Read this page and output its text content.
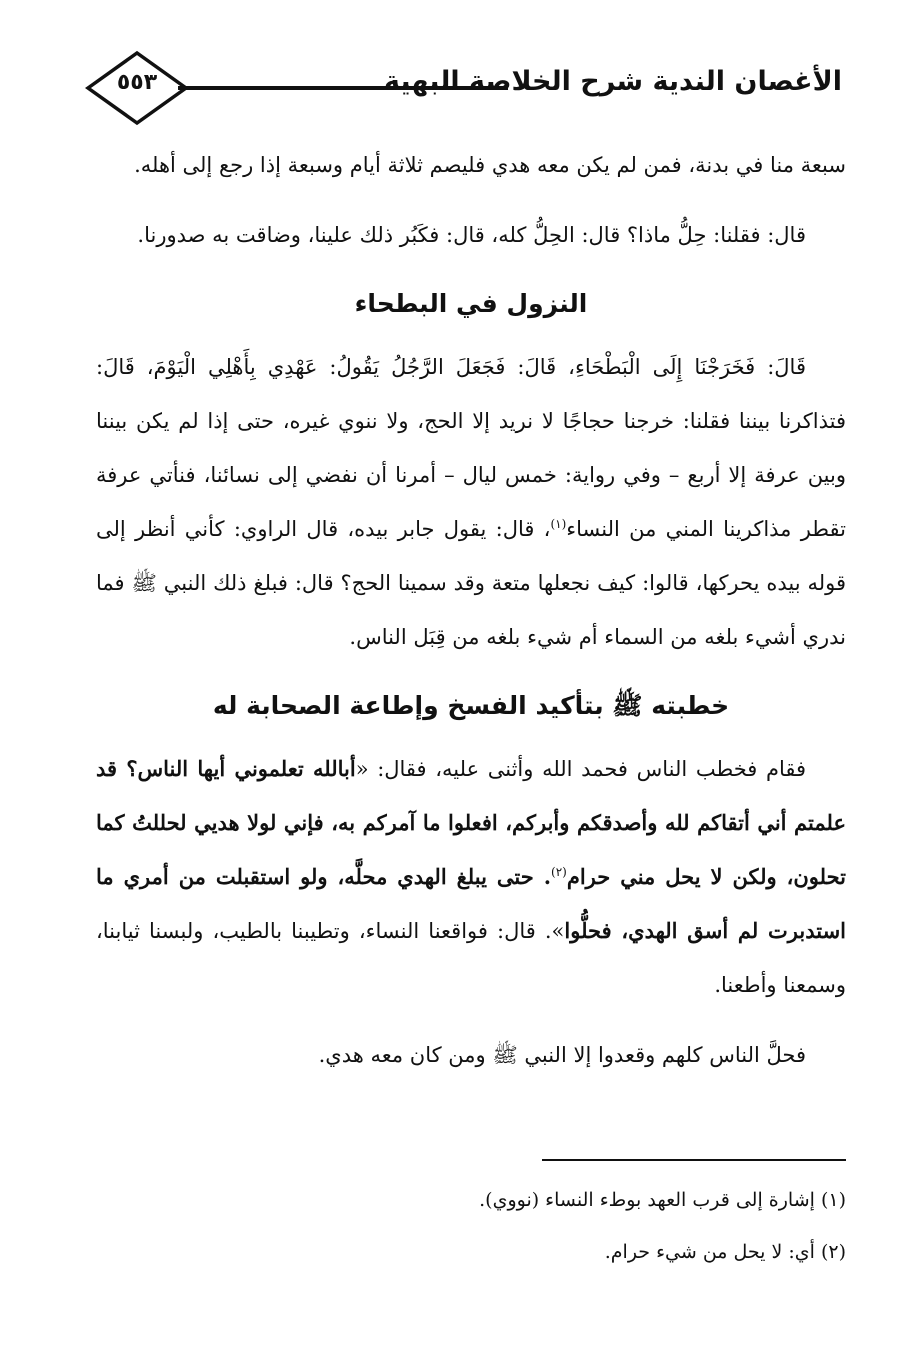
٥٥٣	الأغصان الندية شرح الخلاصة البهية

سبعة منا في بدنة، فمن لم يكن معه هدي فليصم ثلاثة أيام وسبعة إذا رجع إلى أهله.

قال: فقلنا: حِلُّ ماذا؟ قال: الحِلُّ كله، قال: فكَبُر ذلك علينا، وضاقت به صدورنا.

النزول في البطحاء

قَالَ: فَخَرَجْنَا إِلَى الْبَطْحَاءِ، قَالَ: فَجَعَلَ الرَّجُلُ يَقُولُ: عَهْدِي بِأَهْلِي الْيَوْمَ، قَالَ: فتذاكرنا بيننا فقلنا: خرجنا حجاجًا لا نريد إلا الحج، ولا ننوي غيره، حتى إذا لم يكن بيننا وبين عرفة إلا أربع – وفي رواية: خمس ليال – أمرنا أن نفضي إلى نسائنا، فنأتي عرفة تقطر مذاكرينا المني من النساء$^{(١)}$، قال: يقول جابر بيده، قال الراوي: كأني أنظر إلى قوله بيده يحركها، قالوا: كيف نجعلها متعة وقد سمينا الحج؟ قال: فبلغ ذلك النبي ﷺ فما ندري أشيء بلغه من السماء أم شيء بلغه من قِبَل الناس.

خطبته ﷺ بتأكيد الفسخ وإطاعة الصحابة له

فقام فخطب الناس فحمد الله وأثنى عليه، فقال: «أبالله تعلموني أيها الناس؟ قد علمتم أني أتقاكم لله وأصدقكم وأبركم، افعلوا ما آمركم به، فإني لولا هديي لحللتُ كما تحلون، ولكن لا يحل مني حرام$^{(٢)}$. حتى يبلغ الهدي محلَّه، ولو استقبلت من أمري ما استدبرت لم أسق الهدي، فحلُّوا». قال: فواقعنا النساء، وتطيبنا بالطيب، ولبسنا ثيابنا، وسمعنا وأطعنا.

فحلَّ الناس كلهم وقعدوا إلا النبي ﷺ ومن كان معه هدي.

(١) إشارة إلى قرب العهد بوطء النساء (نووي).

(٢) أي: لا يحل من شيء حرام.
